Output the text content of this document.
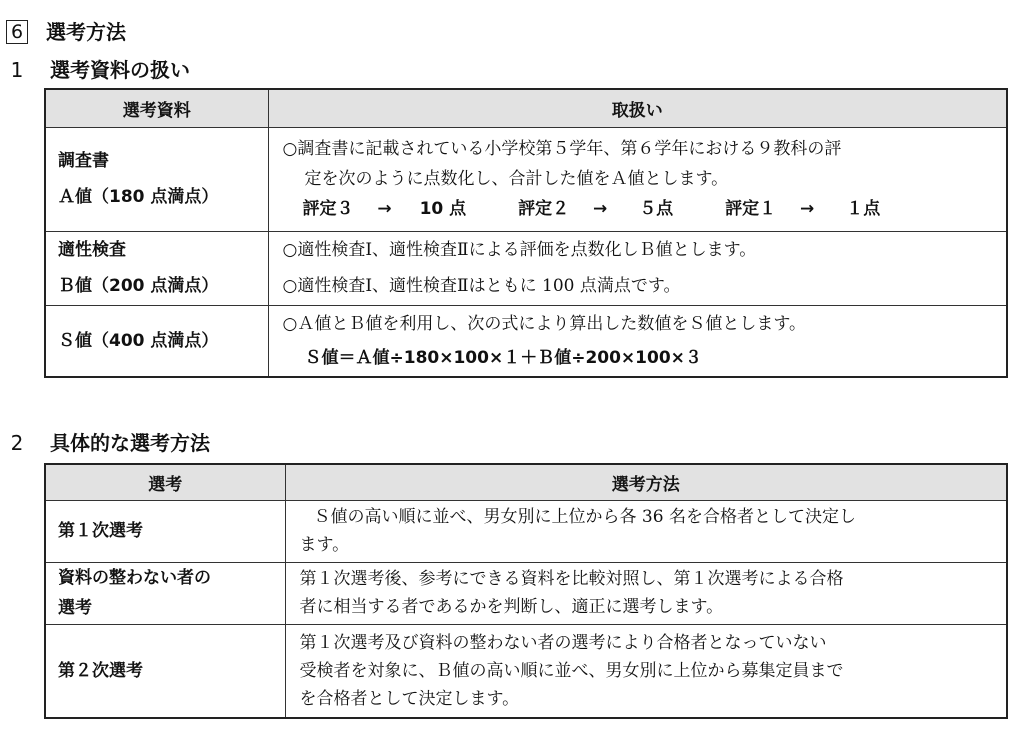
6 選考方法
1 選考資料の扱い
選考資料	取扱い

調査書
Ａ値（180 点満点）	○調査書に記載されている小学校第５学年、第６学年における９教科の評
定を次のように点数化し、合計した値をＡ値とします。
評定３ → 10 点 評定２ → ５点 評定１ → １点

適性検査
Ｂ値（200 点満点）	○適性検査Ⅰ、適性検査Ⅱによる評価を点数化しＢ値とします。
○適性検査Ⅰ、適性検査Ⅱはともに 100 点満点です。

Ｓ値（400 点満点）	○Ａ値とＢ値を利用し、次の式により算出した数値をＳ値とします。
Ｓ値＝Ａ値÷180×100×１＋Ｂ値÷200×100×３
2 具体的な選考方法
選考	選考方法

第１次選考	Ｓ値の高い順に並べ、男女別に上位から各 36 名を合格者として決定し
ます。

資料の整わない者の
選考	第１次選考後、参考にできる資料を比較対照し、第１次選考による合格
者に相当する者であるかを判断し、適正に選考します。

第２次選考	第１次選考及び資料の整わない者の選考により合格者となっていない
受検者を対象に、Ｂ値の高い順に並べ、男女別に上位から募集定員まで
を合格者として決定します。
